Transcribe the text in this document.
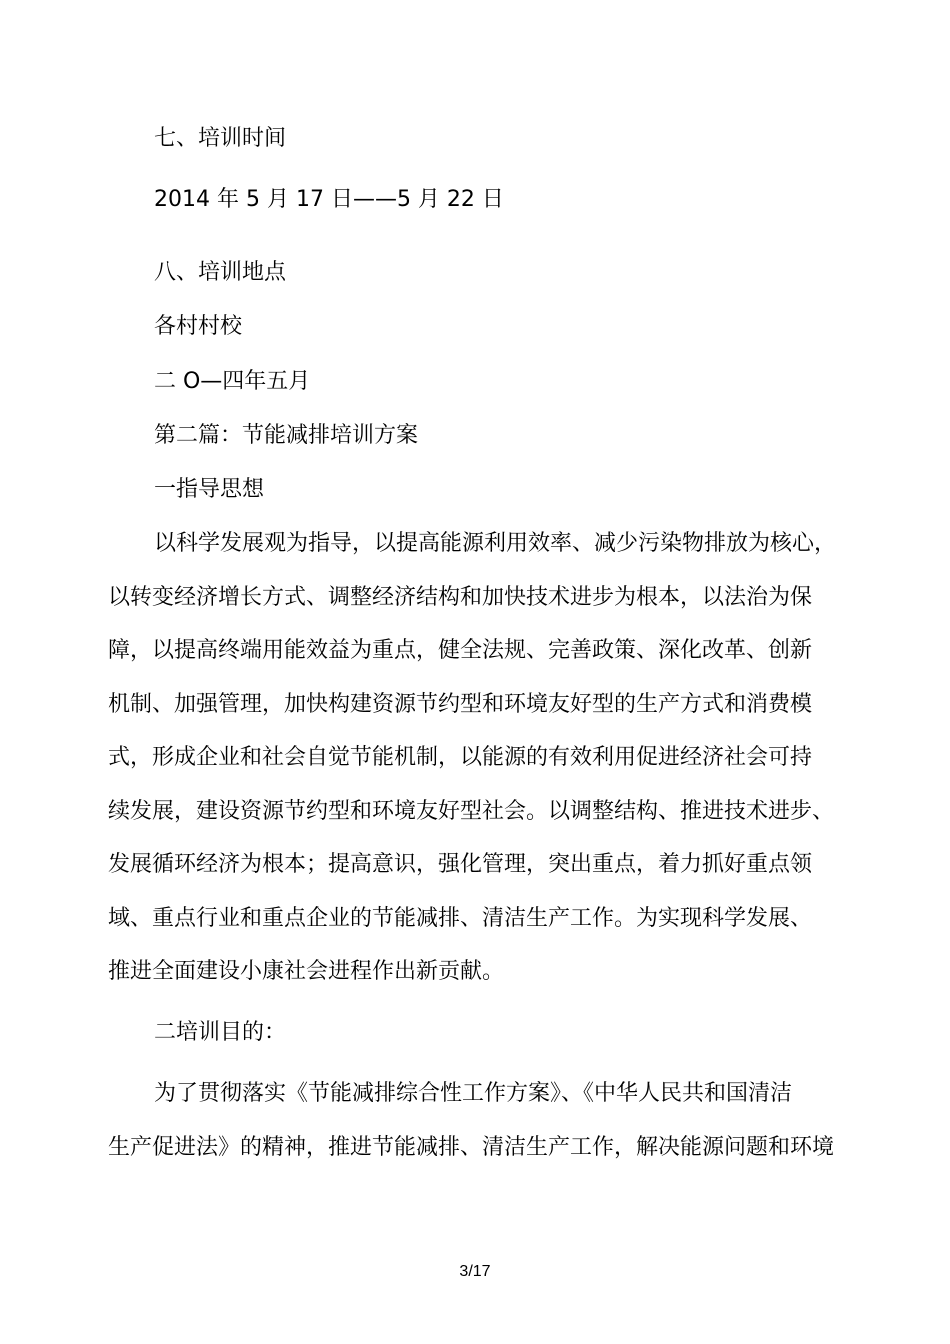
七、培训时间
2014 年 5 月 17 日——5 月 22 日
八、培训地点
各村村校
二 O—四年五月
第二篇：节能减排培训方案
一指导思想
以科学发展观为指导，以提高能源利用效率、减少污染物排放为核心，
以转变经济增长方式、调整经济结构和加快技术进步为根本，以法治为保
障，以提高终端用能效益为重点，健全法规、完善政策、深化改革、创新
机制、加强管理，加快构建资源节约型和环境友好型的生产方式和消费模
式，形成企业和社会自觉节能机制，以能源的有效利用促进经济社会可持
续发展，建设资源节约型和环境友好型社会。以调整结构、推进技术进步、
发展循环经济为根本；提高意识，强化管理，突出重点，着力抓好重点领
域、重点行业和重点企业的节能减排、清洁生产工作。为实现科学发展、
推进全面建设小康社会进程作出新贡献。
二培训目的：
为了贯彻落实《节能减排综合性工作方案》、《中华人民共和国清洁
生产促进法》的精神，推进节能减排、清洁生产工作，解决能源问题和环境
3/17
